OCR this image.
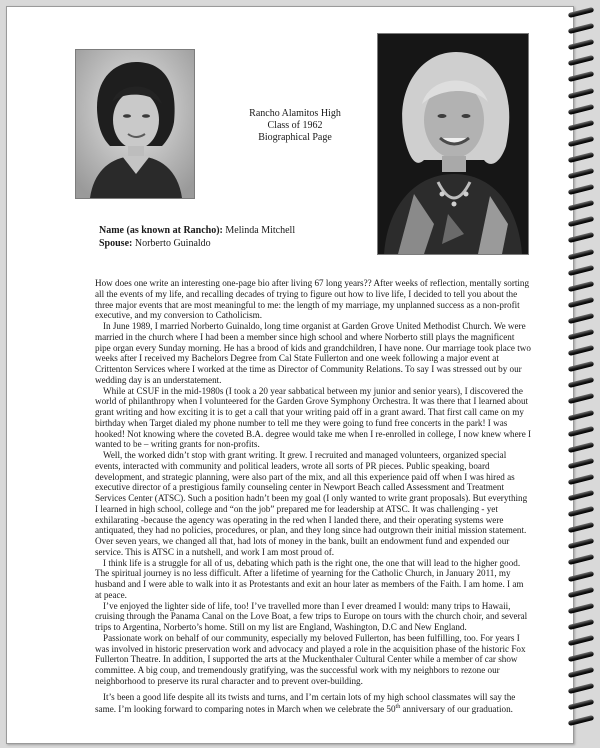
Rancho Alamitos High
Class of 1962
Biographical Page
Name (as known at Rancho): Melinda Mitchell
Spouse: Norberto Guinaldo

How does one write an interesting one-page bio after living 67 long years?? After weeks of reflection, mentally sorting all the events of my life, and recalling decades of trying to figure out how to live life, I decided to tell you about the three major events that are most meaningful to me: the length of my marriage, my unplanned success as a non-profit executive, and my conversion to Catholicism.

In June 1989, I married Norberto Guinaldo, long time organist at Garden Grove United Methodist Church. We were married in the church where I had been a member since high school and where Norberto still plays the magnificent pipe organ every Sunday morning. He has a brood of kids and grandchildren, I have none. Our marriage took place two weeks after I received my Bachelors Degree from Cal State Fullerton and one week following a major event at Crittenton Services where I worked at the time as Director of Community Relations. To say I was stressed out by our wedding day is an understatement.

While at CSUF in the mid-1980s (I took a 20 year sabbatical between my junior and senior years), I discovered the world of philanthropy when I volunteered for the Garden Grove Symphony Orchestra. It was there that I learned about grant writing and how exciting it is to get a call that your writing paid off in a grant award. That first call came on my birthday when Target dialed my phone number to tell me they were going to fund free concerts in the park! I was hooked! Not knowing where the coveted B.A. degree would take me when I re-enrolled in college, I now knew where I wanted to be – writing grants for non-profits.

Well, the worked didn’t stop with grant writing. It grew. I recruited and managed volunteers, organized special events, interacted with community and political leaders, wrote all sorts of PR pieces. Public speaking, board development, and strategic planning, were also part of the mix, and all this experience paid off when I was hired as executive director of a prestigious family counseling center in Newport Beach called Assessment and Treatment Services Center (ATSC). Such a position hadn’t been my goal (I only wanted to write grant proposals). But everything I learned in high school, college and “on the job” prepared me for leadership at ATSC. It was challenging - yet exhilarating -because the agency was operating in the red when I landed there, and their operating systems were antiquated, they had no policies, procedures, or plan, and they long since had outgrown their initial mission statement. Over seven years, we changed all that, had lots of money in the bank, built an endowment fund and expended our service. This is ATSC in a nutshell, and work I am most proud of.

I think life is a struggle for all of us, debating which path is the right one, the one that will lead to the higher good. The spiritual journey is no less difficult. After a lifetime of yearning for the Catholic Church, in January 2011, my husband and I were able to walk into it as Protestants and exit an hour later as members of the Faith. I am home. I am at peace.

I’ve enjoyed the lighter side of life, too! I’ve travelled more than I ever dreamed I would: many trips to Hawaii, cruising through the Panama Canal on the Love Boat, a few trips to Europe on tours with the church choir, and several trips to Argentina, Norberto’s home. Still on my list are England, Washington, D.C and New England.

Passionate work on behalf of our community, especially my beloved Fullerton, has been fulfilling, too. For years I was involved in historic preservation work and advocacy and played a role in the acquisition phase of the historic Fox Fullerton Theatre. In addition, I supported the arts at the Muckenthaler Cultural Center while a member of car show committee. A big coup, and tremendously gratifying, was the successful work with my neighbors to rezone our neighborhood to preserve its rural character and to prevent over-building.

It’s been a good life despite all its twists and turns, and I’m certain lots of my high school classmates will say the same. I’m looking forward to comparing notes in March when we celebrate the 50th anniversary of our graduation.
